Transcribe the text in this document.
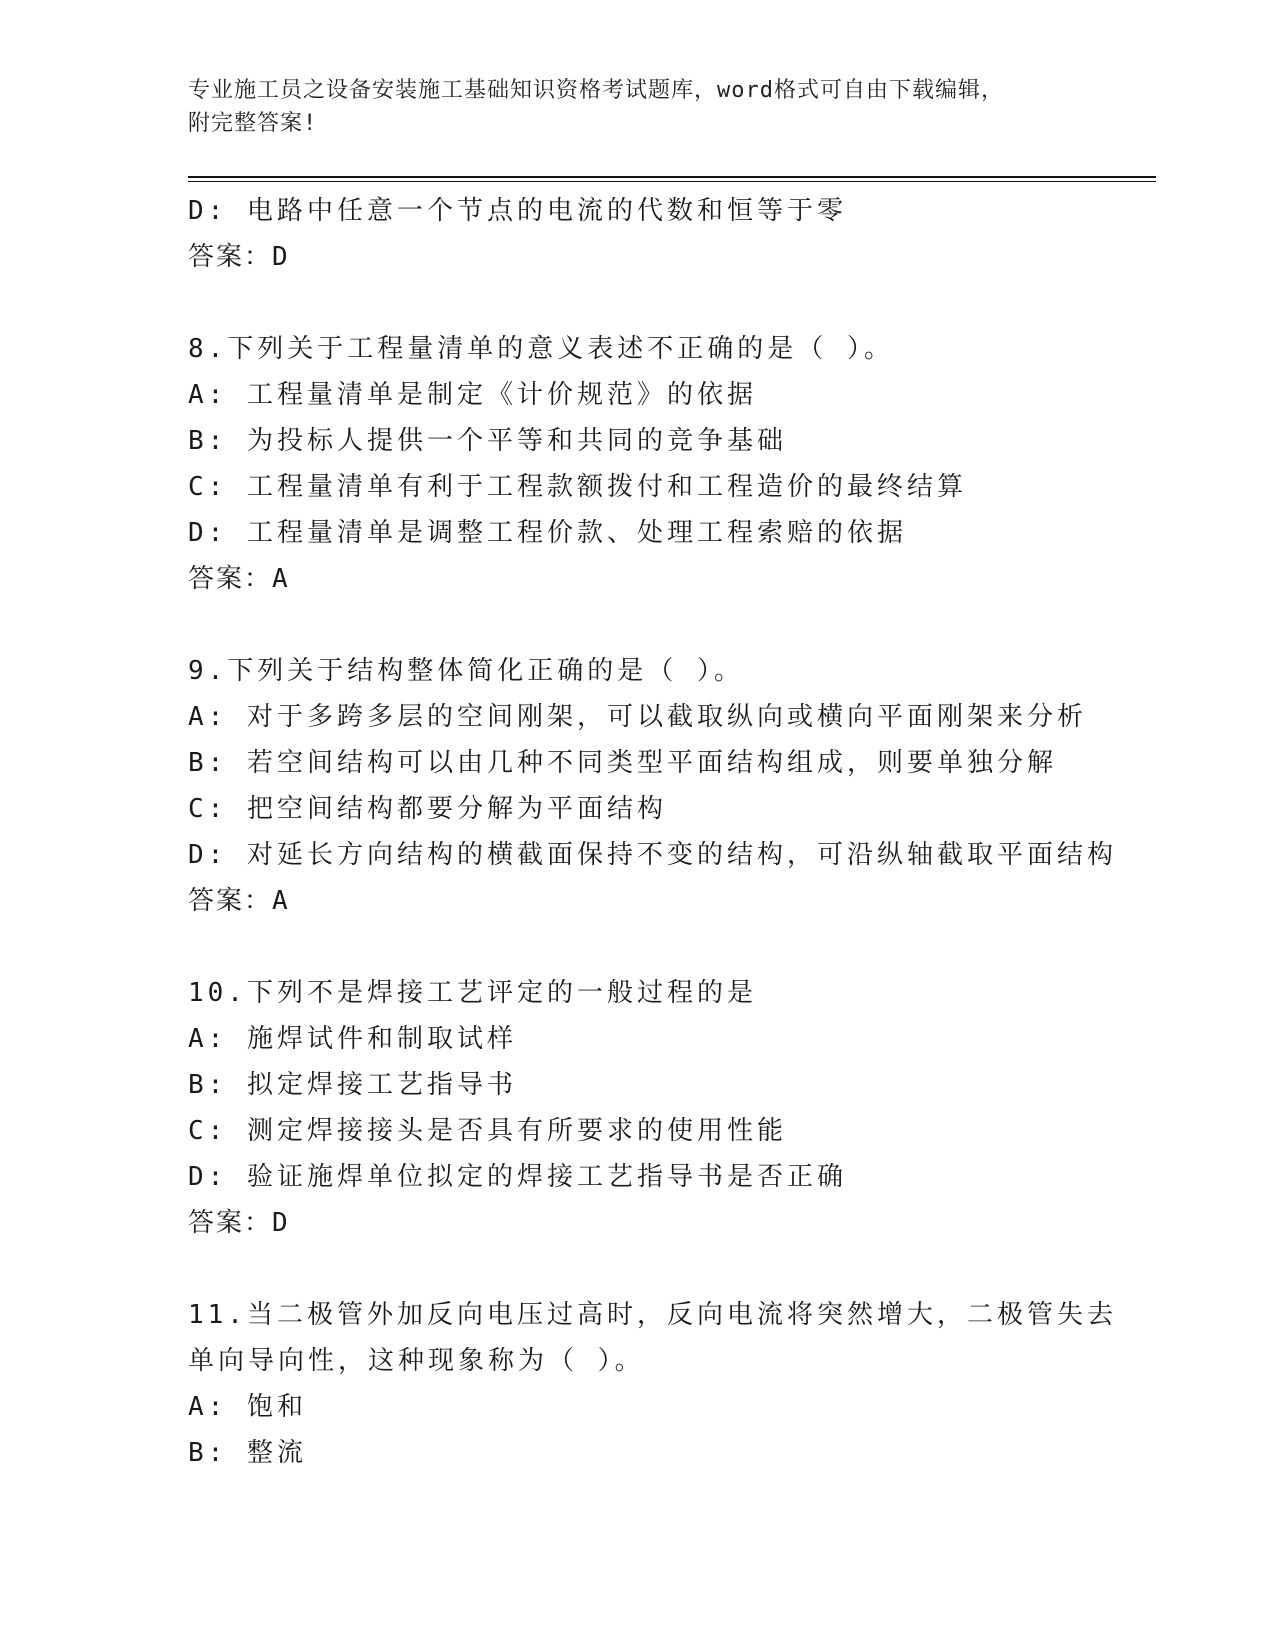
专业施工员之设备安装施工基础知识资格考试题库，word格式可自由下载编辑，
附完整答案!
D: 电路中任意一个节点的电流的代数和恒等于零
答案：D
8.下列关于工程量清单的意义表述不正确的是（ ）。
A: 工程量清单是制定《计价规范》的依据
B: 为投标人提供一个平等和共同的竞争基础
C: 工程量清单有利于工程款额拨付和工程造价的最终结算
D: 工程量清单是调整工程价款、处理工程索赔的依据
答案：A
9.下列关于结构整体简化正确的是（ ）。
A: 对于多跨多层的空间刚架，可以截取纵向或横向平面刚架来分析
B: 若空间结构可以由几种不同类型平面结构组成，则要单独分解
C: 把空间结构都要分解为平面结构
D: 对延长方向结构的横截面保持不变的结构，可沿纵轴截取平面结构
答案：A
10.下列不是焊接工艺评定的一般过程的是
A: 施焊试件和制取试样
B: 拟定焊接工艺指导书
C: 测定焊接接头是否具有所要求的使用性能
D: 验证施焊单位拟定的焊接工艺指导书是否正确
答案：D
11.当二极管外加反向电压过高时，反向电流将突然增大，二极管失去
单向导向性，这种现象称为（ ）。
A: 饱和
B: 整流
